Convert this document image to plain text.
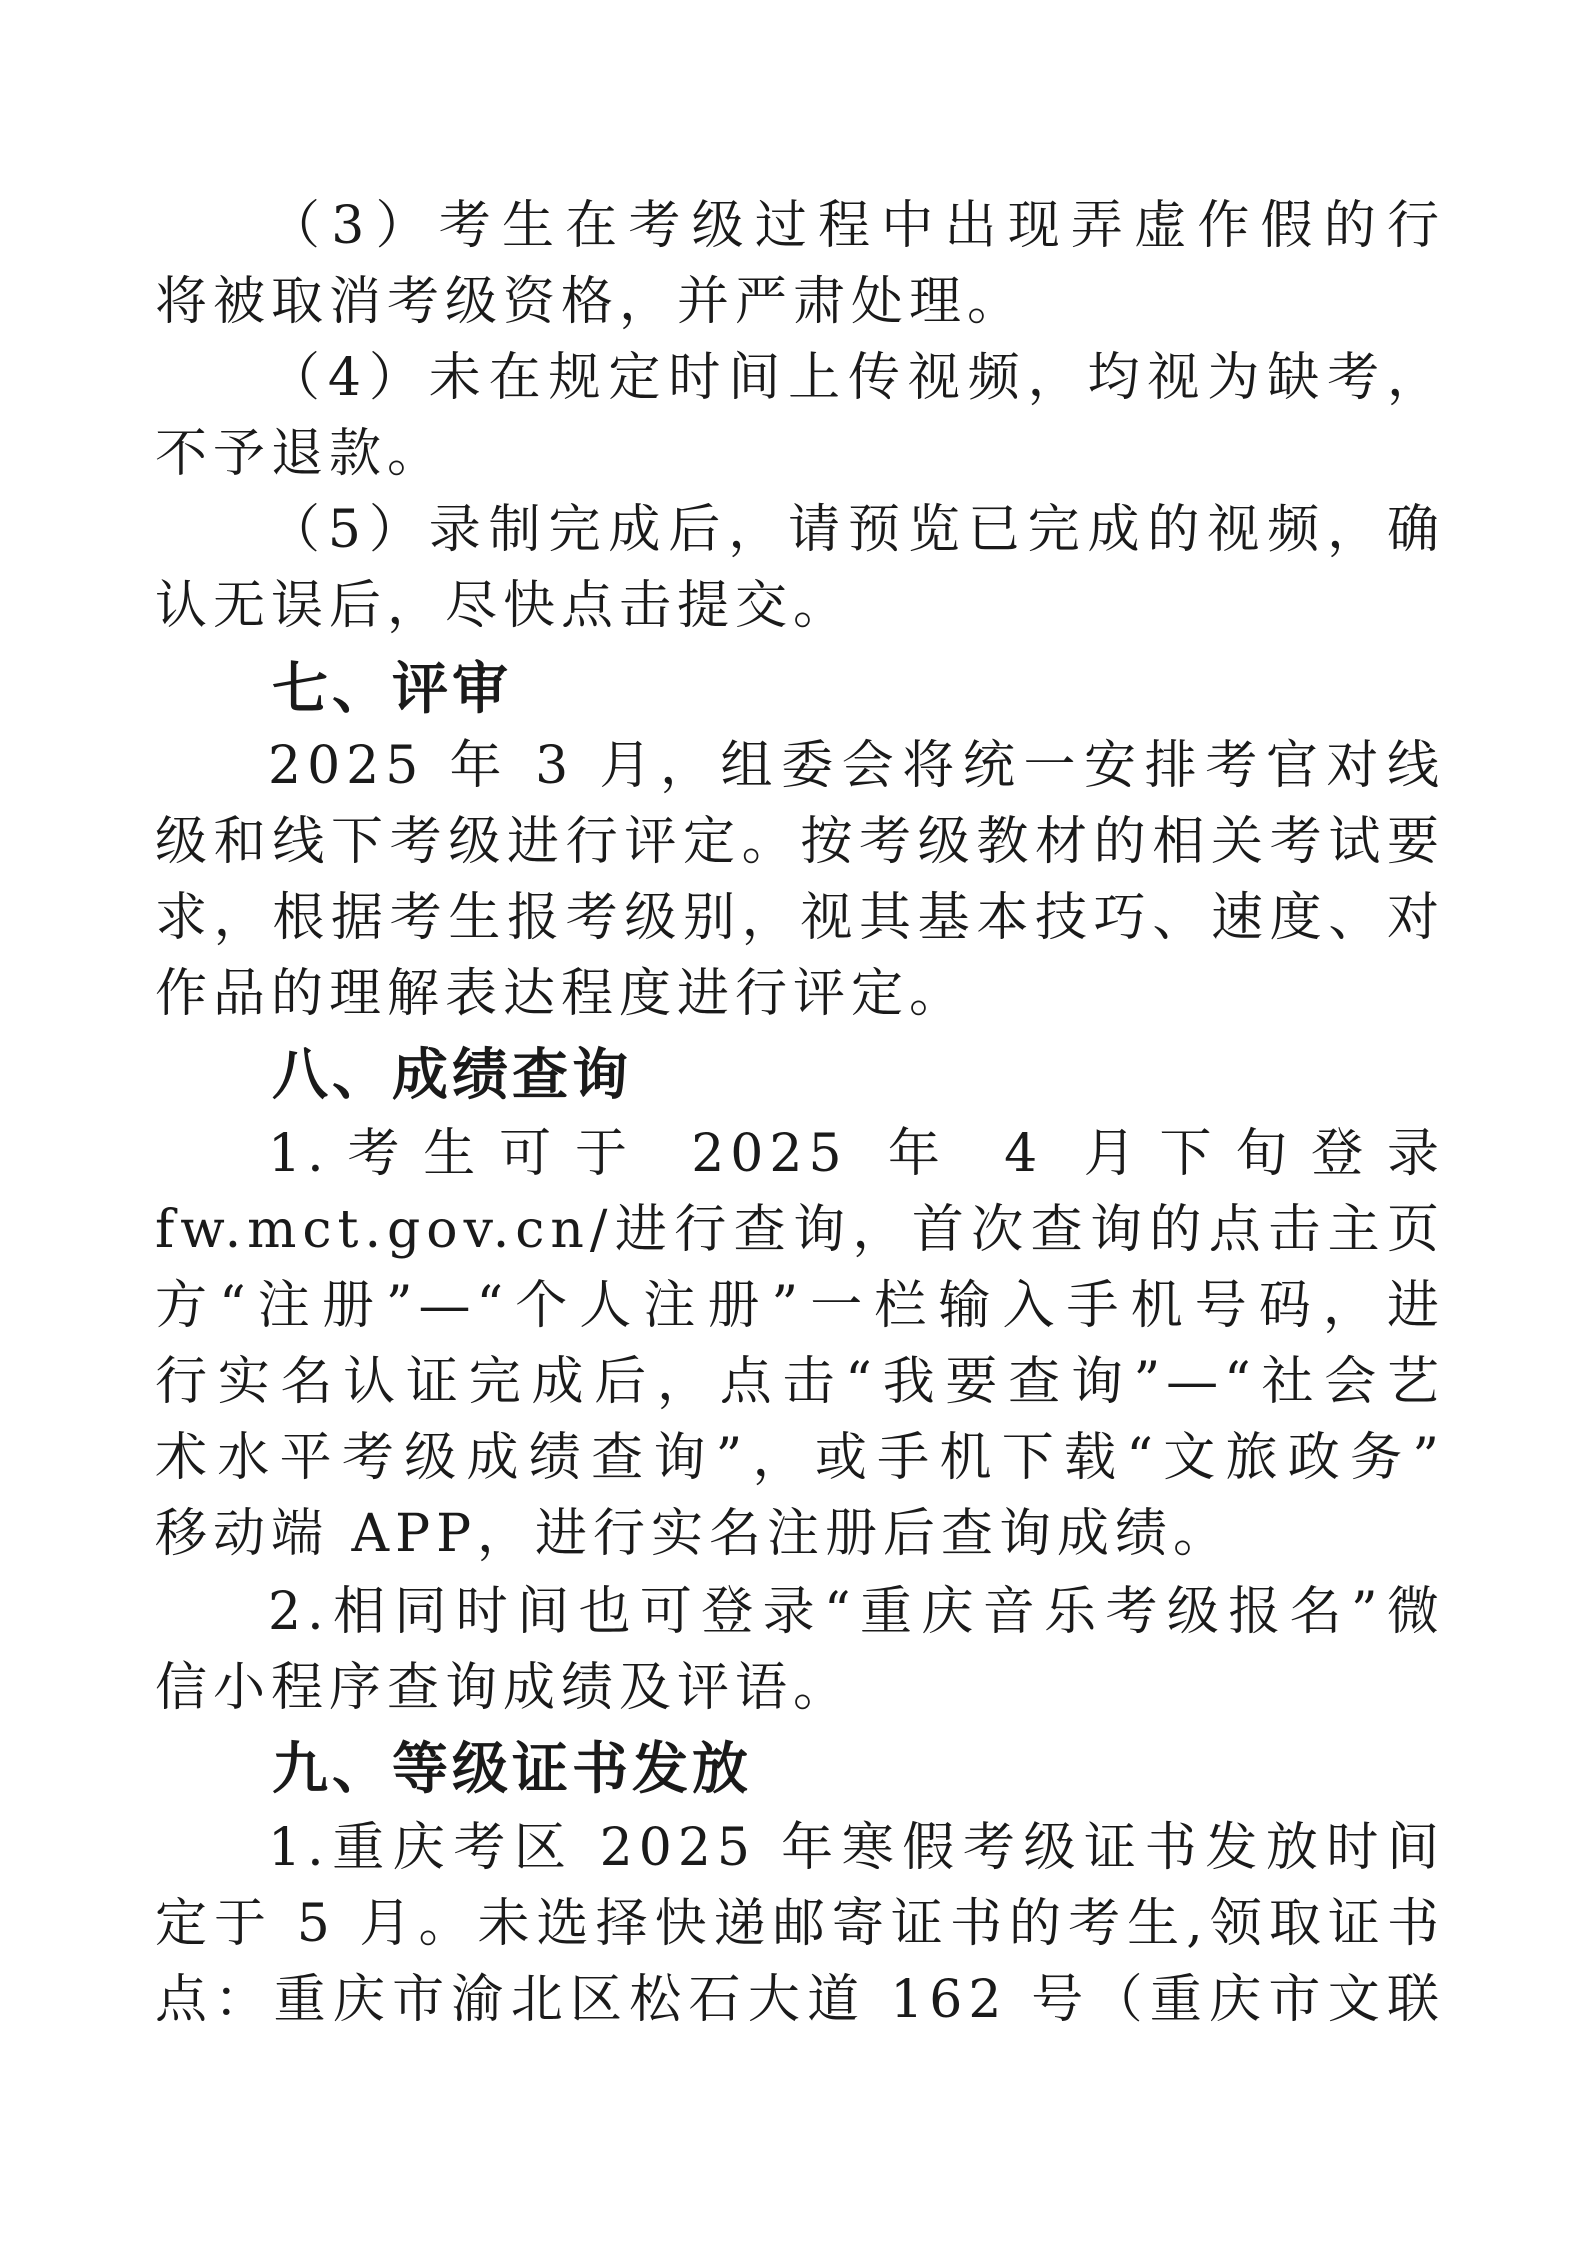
（3）考生在考级过程中出现弄虚作假的行
将被取消考级资格，并严肃处理。
（4）未在规定时间上传视频，均视为缺考，
不予退款。
（5）录制完成后，请预览已完成的视频，确
认无误后，尽快点击提交。
七、评审
2025 年 3 月，组委会将统一安排考官对线
级和线下考级进行评定。按考级教材的相关考试要
求，根据考生报考级别，视其基本技巧、速度、对
作品的理解表达程度进行评定。
八、成绩查询
1.考生可于 2025 年 4 月下旬登录
fw.mct.gov.cn/进行查询，首次查询的点击主页
方“注册”—“个人注册”一栏输入手机号码，进
行实名认证完成后，点击“我要查询”—“社会艺
术水平考级成绩查询”，或手机下载“文旅政务”
移动端 APP，进行实名注册后查询成绩。
2.相同时间也可登录“重庆音乐考级报名”微
信小程序查询成绩及评语。
九、等级证书发放
1.重庆考区 2025 年寒假考级证书发放时间
定于 5 月。未选择快递邮寄证书的考生,领取证书
点：重庆市渝北区松石大道 162 号（重庆市文联
